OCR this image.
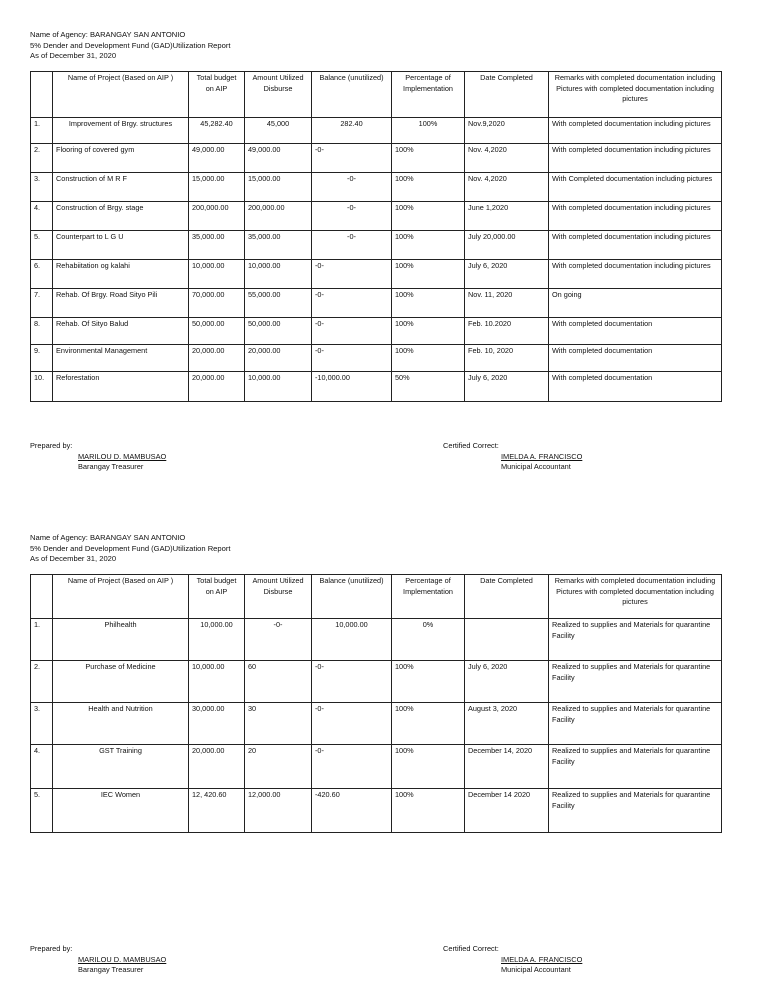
Name of Agency: BARANGAY SAN ANTONIO
5% Dender and Development Fund (GAD)Utilization Report
As of December 31, 2020
	Name of Project (Based on AIP )	Total budget on AIP	Amount Utilized Disburse	Balance (unutilized)	Percentage of Implementation	Date Completed	Remarks with completed documentation including Pictures with completed documentation including pictures
1.	Improvement of Brgy. structures	45,282.40	45,000	282.40	100%	Nov.9,2020	With completed documentation including pictures
2.	Flooring of covered gym	49,000.00	49,000.00	-0-	100%	Nov. 4,2020	With completed documentation including pictures
3.	Construction of M R F	15,000.00	15,000.00	-0-	100%	Nov. 4,2020	With Completed documentation including pictures
4.	Construction of Brgy. stage	200,000.00	200,000.00	-0-	100%	June 1,2020	With completed documentation including pictures
5.	Counterpart to L G U	35,000.00	35,000.00	-0-	100%	July 20,000.00	With completed documentation including pictures
6.	Rehabiitation og kalahi	10,000.00	10,000.00	-0-	100%	July 6, 2020	With completed documentation including pictures
7.	Rehab. Of Brgy. Road Sityo Pili	70,000.00	55,000.00	-0-	100%	Nov. 11, 2020	On going
8.	Rehab. Of Sityo Balud	50,000.00	50,000.00	-0-	100%	Feb. 10.2020	With completed documentation
9.	Environmental Management	20,000.00	20,000.00	-0-	100%	Feb. 10, 2020	With completed documentation
10.	Reforestation	20,000.00	10,000.00	-10,000.00	50%	July 6, 2020	With completed documentation
Prepared by:
MARILOU D. MAMBUSAO
Barangay Treasurer
Certified Correct:
IMELDA A. FRANCISCO
Municipal Accountant
Name of Agency: BARANGAY SAN ANTONIO
5% Dender and Development Fund (GAD)Utilization Report
As of December 31, 2020
	Name of Project (Based on AIP )	Total budget on AIP	Amount Utilized Disburse	Balance (unutilized)	Percentage of Implementation	Date Completed	Remarks with completed documentation including Pictures with completed documentation including pictures
1.	Philhealth	10,000.00	-0-	10,000.00	0%		Realized to supplies and Materials for quarantine Facility
2.	Purchase of Medicine	10,000.00	60	-0-	100%	July 6, 2020	Realized to supplies and Materials for quarantine Facility
3.	Health and Nutrition	30,000.00	30	-0-	100%	August 3, 2020	Realized to supplies and Materials for quarantine Facility
4.	GST Training	20,000.00	20	-0-	100%	December 14, 2020	Realized to supplies and Materials for quarantine Facility
5.	IEC Women	12, 420.60	12,000.00	-420.60	100%	December 14 2020	Realized to supplies and Materials for quarantine Facility
Prepared by:
MARILOU D. MAMBUSAO
Barangay Treasurer
Certified Correct:
IMELDA A. FRANCISCO
Municipal Accountant
